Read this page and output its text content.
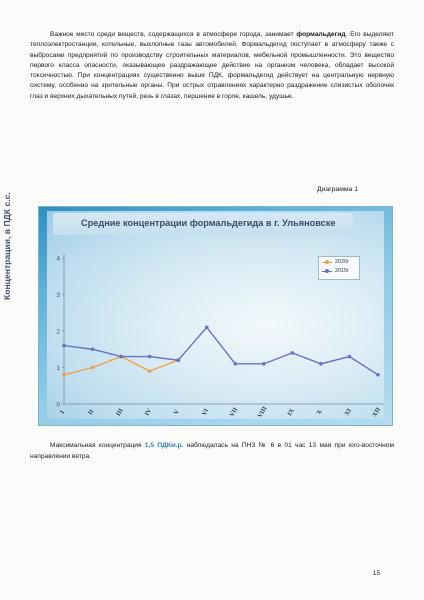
Важное место среди веществ, содержащихся в атмосфере города, занимает формальдегид. Его выделяют теплоэлектростанции, котельные, выхлопные газы автомобилей. Формальдегид поступает в атмосферу также с выбросами предприятий по производству строительных материалов, мебельной промышленности. Это вещество первого класса опасности, оказывающее раздражающее действие на организм человека, обладает высокой токсичностью. При концентрациях существенно выше ПДК, формальдегид действует на центральную нервную систему, особенно на зрительные органы. При острых отравлениях характерно раздражение слизистых оболочек глаз и верхних дыхательных путей, резь в глазах, першение в горле, кашель, удушье.

Диаграмма 1
Средние концентрации формальдегида в г. Ульяновске
Концентрации, в ПДК с.с.
0
1
2
3
4
I	II	III	IV	V	VI	VII	VIII	IX	X	XI	XII
2020г
2015г

Максимальная концентрация 1,5 ПДКм.р. наблюдалась на ПНЗ № 6 в 01 час 13 мая при юго-восточном направлении ветра.

15
